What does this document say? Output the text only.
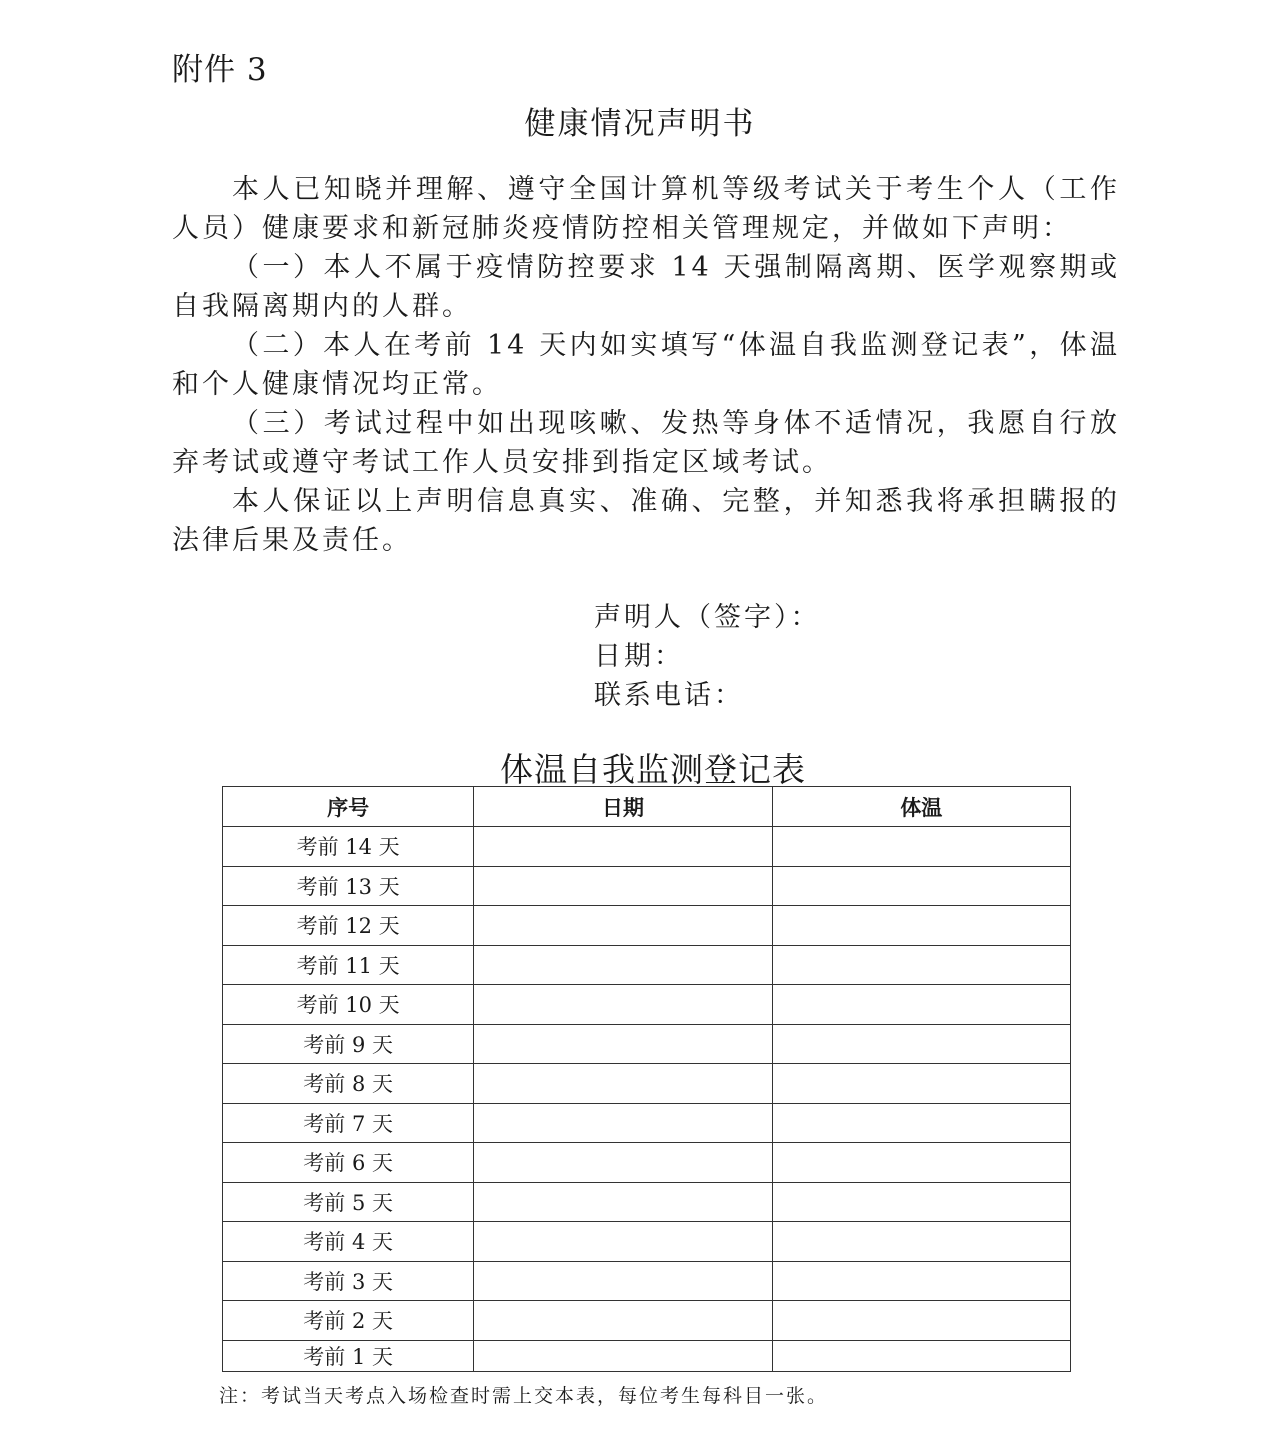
附件 3
健康情况声明书

本人已知晓并理解、遵守全国计算机等级考试关于考生个人（工作人员）健康要求和新冠肺炎疫情防控相关管理规定，并做如下声明：

（一）本人不属于疫情防控要求 14 天强制隔离期、医学观察期或自我隔离期内的人群。

（二）本人在考前 14 天内如实填写“体温自我监测登记表”，体温和个人健康情况均正常。

（三）考试过程中如出现咳嗽、发热等身体不适情况，我愿自行放弃考试或遵守考试工作人员安排到指定区域考试。

本人保证以上声明信息真实、准确、完整，并知悉我将承担瞒报的法律后果及责任。

声明人（签字）：
日期：
联系电话：
体温自我监测登记表
序号	日期	体温
考前 14 天		
考前 13 天		
考前 12 天		
考前 11 天		
考前 10 天		
考前 9 天		
考前 8 天		
考前 7 天		
考前 6 天		
考前 5 天		
考前 4 天		
考前 3 天		
考前 2 天		
考前 1 天		
注：考试当天考点入场检查时需上交本表，每位考生每科目一张。
